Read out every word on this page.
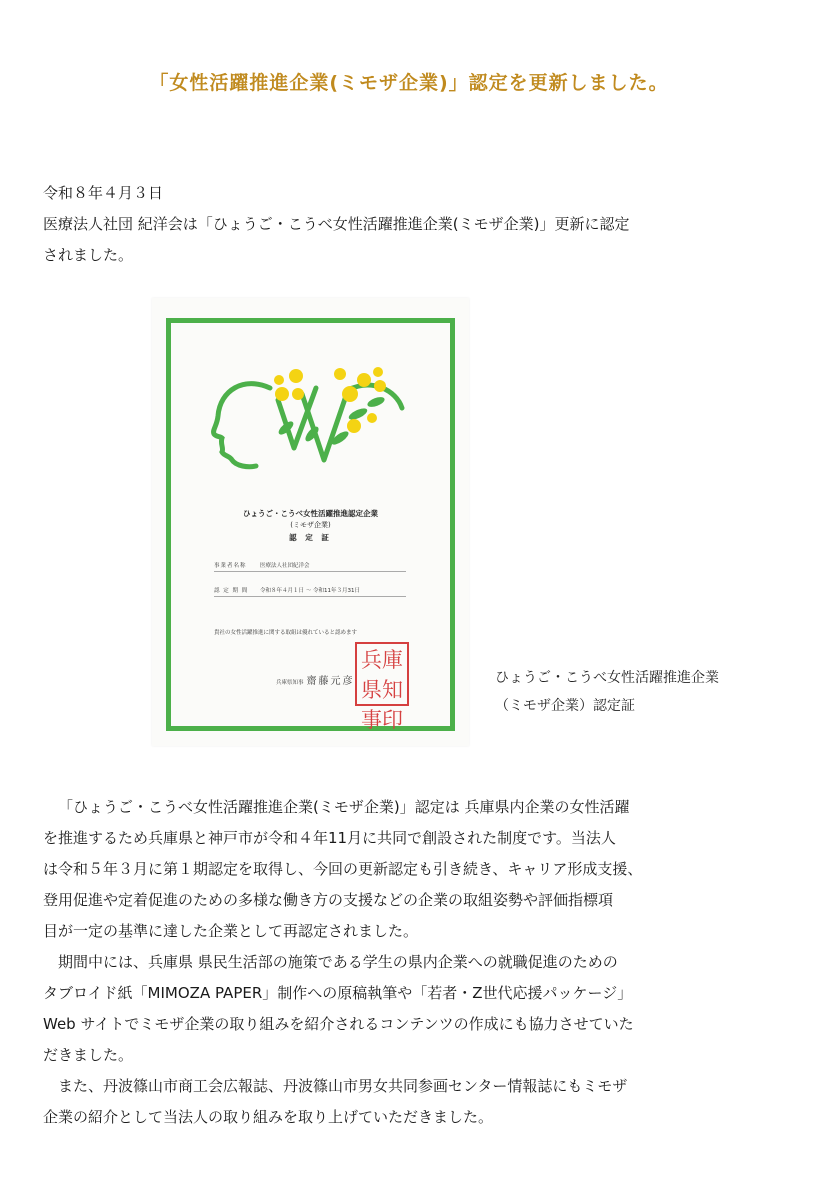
「女性活躍推進企業(ミモザ企業)」認定を更新しました。

令和８年４月３日

医療法人社団 紀洋会は「ひょうご・こうべ女性活躍推進企業(ミモザ企業)」更新に認定

されました。

ひょうご・こうべ女性活躍推進認定企業
(ミモザ企業)
認 定 証
事業者名称 医療法人社団紀洋会
認 定 期 間 令和８年４月１日 ～ 令和11年３月31日
貴社の女性活躍推進に関する取組は優れていると認めます
兵庫県知事 齋藤元彦
兵庫県知事印

ひょうご・こうべ女性活躍推進企業

（ミモザ企業）認定証

「ひょうご・こうべ女性活躍推進企業(ミモザ企業)」認定は 兵庫県内企業の女性活躍

を推進するため兵庫県と神戸市が令和４年11月に共同で創設された制度です。当法人

は令和５年３月に第１期認定を取得し、今回の更新認定も引き続き、キャリア形成支援、

登用促進や定着促進のための多様な働き方の支援などの企業の取組姿勢や評価指標項

目が一定の基準に達した企業として再認定されました。

期間中には、兵庫県 県民生活部の施策である学生の県内企業への就職促進のための

タブロイド紙「MIMOZA PAPER」制作への原稿執筆や「若者・Z世代応援パッケージ」

Web サイトでミモザ企業の取り組みを紹介されるコンテンツの作成にも協力させていた

だきました。

また、丹波篠山市商工会広報誌、丹波篠山市男女共同参画センター情報誌にもミモザ

企業の紹介として当法人の取り組みを取り上げていただきました。
